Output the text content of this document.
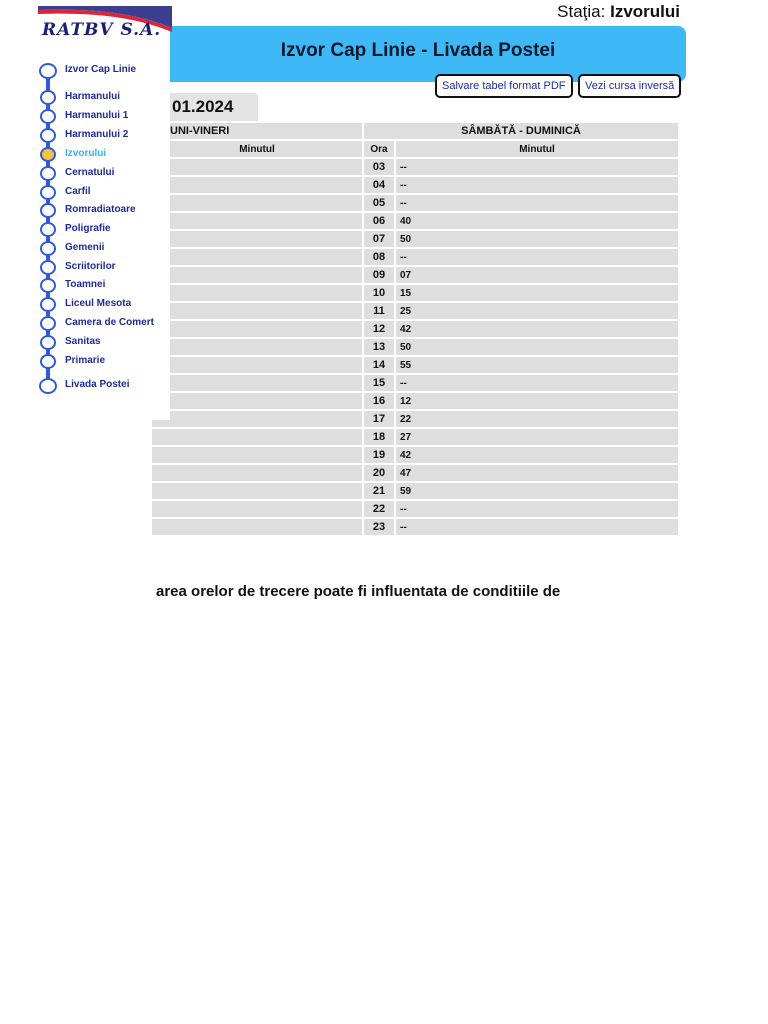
Staţia: Izvorului
Izvor Cap Linie - Livada Postei
Salvare tabel format PDF	Vezi cursa inversă
01.2024
UNI-VINERI	SÂMBĂTĂ - DUMINICĂ	
Minutul	Ora	Minutul
	03	--
	04	--
	05	--
	06	40
	07	50
	08	--
	09	07
	10	15
	11	25
	12	42
	13	50
	14	55
	15	--
	16	12
	17	22
	18	27
	19	42
	20	47
	21	59
	22	--
	23	--
area orelor de trecere poate fi influentata de conditiile de
RATBV S.A.
Izvor Cap Linie
Harmanului
Harmanului 1
Harmanului 2
Izvorului
Cernatului
Carfil
Romradiatoare
Poligrafie
Gemenii
Scriitorilor
Toamnei
Liceul Mesota
Camera de Comert
Sanitas
Primarie
Livada Postei
